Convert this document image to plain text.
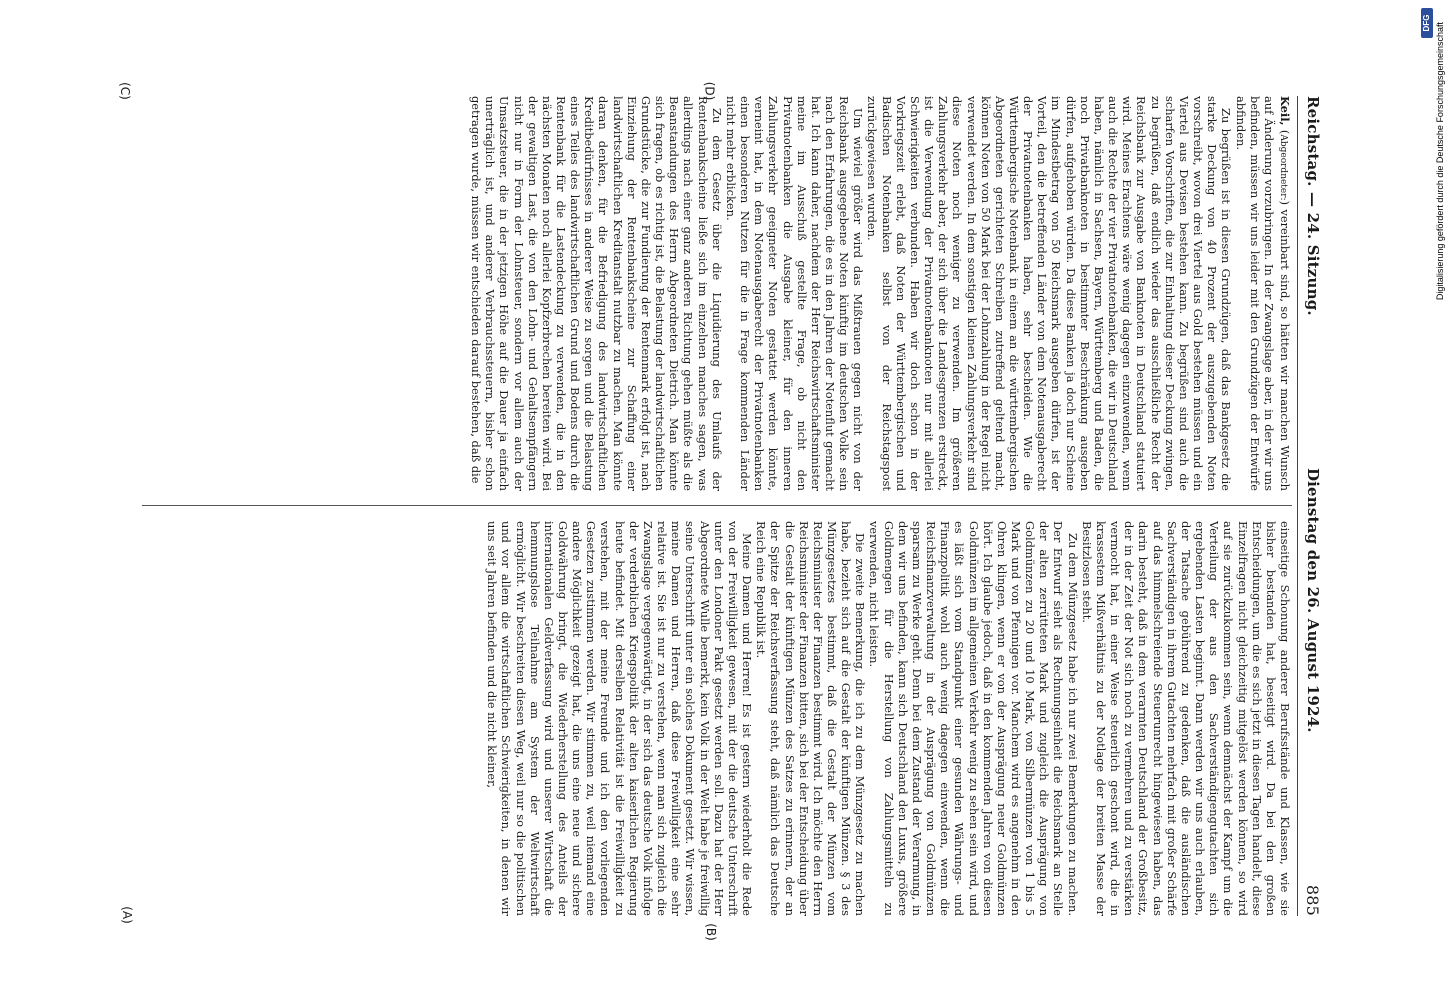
Reichstag. — 24. Sitzung.
Dienstag den 26. August 1924.
885

Keil, (Abgeordneter:) vereinbart sind, so hätten wir manchen Wunsch auf Änderung vorzubringen. In der Zwangslage aber, in der wir uns befinden, müssen wir uns leider mit den Grundzügen der Entwürfe abfinden.

Zu begrüßen ist in diesen Grundzügen, daß das Bankgesetz die starke Deckung von 40 Prozent der auszugebenden Noten vorschreibt, wovon drei Viertel aus Gold bestehen müssen und ein Viertel aus Devisen bestehen kann. Zu begrüßen sind auch die scharfen Vorschriften, die zur Einhaltung dieser Deckung zwingen, zu begrüßen, daß endlich wieder das ausschließliche Recht der Reichsbank zur Ausgabe von Banknoten in Deutschland statuiert wird. Meines Erachtens wäre wenig dagegen einzuwenden, wenn auch die Rechte der vier Privatnotenbanken, die wir in Deutschland haben, nämlich in Sachsen, Bayern, Württemberg und Baden, die noch Privatbanknoten in bestimmter Beschränkung ausgeben dürfen, aufgehoben würden. Da diese Banken ja doch nur Scheine im Mindestbetrag von 50 Reichsmark ausgeben dürfen, ist der Vorteil, den die betreffenden Länder von dem Notenausgaberecht der Privatnotenbanken haben, sehr bescheiden. Wie die Württembergische Notenbank in einem an die württembergischen Abgeordneten gerichteten Schreiben zutreffend geltend macht, können Noten von 50 Mark bei der Lohnzahlung in der Regel nicht verwendet werden. In dem sonstigen kleinen Zahlungsverkehr sind diese Noten noch weniger zu verwenden. Im größeren Zahlungsverkehr aber, der sich über die Landesgrenzen erstreckt, ist die Verwendung der Privatnotenbanknoten nur mit allerlei Schwierigkeiten verbunden. Haben wir doch schon in der Vorkriegszeit erlebt, daß Noten der Württembergischen und Badischen Notenbanken selbst von der Reichstagspost zurückgewiesen wurden.

Um wieviel größer wird das Mißtrauen gegen nicht von der Reichsbank ausgegebene Noten künftig im deutschen Volke sein nach den Erfahrungen, die es in den Jahren der Notenflut gemacht hat. Ich kann daher, nachdem der Herr Reichswirtschaftsminister meine im Ausschuß gestellte Frage, ob nicht den Privatnotenbanken die Ausgabe kleiner, für den inneren Zahlungsverkehr geeigneter Noten gestattet werden könnte, verneint hat, in dem Notenausgaberecht der Privatnotenbanken einen besonderen Nutzen für die in Frage kommenden Länder nicht mehr erblicken.

Zu dem Gesetz über die Liquidierung des Umlaufs der Rentenbankscheine ließe sich im einzelnen manches sagen, was allerdings nach einer ganz anderen Richtung gehen müßte als die Beanstandungen des Herrn Abgeordneten Dietrich. Man könnte sich fragen, ob es richtig ist, die Belastung der landwirtschaftlichen Grundstücke, die zur Fundierung der Rentenmark erfolgt ist, nach Einziehung der Rentenbankscheine zur Schaffung einer landwirtschaftlichen Kreditanstalt nutzbar zu machen. Man könnte daran denken, für die Befriedigung des landwirtschaftlichen Kreditbedürfnisses in anderer Weise zu sorgen und die Belastung eines Teiles des landwirtschaftlichen Grund und Bodens durch die Rentenbank für die Lastendeckung zu verwenden, die in den nächsten Monaten noch allerlei Kopfzerbrechen bereiten wird. Bei der gewaltigen Last, die von den Lohn- und Gehaltsempfängern nicht nur in Form der Lohnsteuer, sondern vor allem auch der Umsatzsteuer, die in der jetzigen Höhe auf die Dauer ja einfach unerträglich ist, und anderer Verbrauchssteuern, bisher schon getragen wurde, müssen wir entschieden darauf bestehen, daß die

einseitige Schonung anderer Berufsstände und Klassen, wie sie bisher bestanden hat, beseitigt wird. Da bei den großen Entscheidungen, um die es sich jetzt in diesen Tagen handelt, diese Einzelfragen nicht gleichzeitig mitgelöst werden können, so wird auf sie zurückzukommen sein, wenn demnächst der Kampf um die Verteilung der aus den Sachverständigengutachten sich ergebenden Lasten beginnt. Dann werden wir uns auch erlauben, der Tatsache gebührend zu gedenken, daß die ausländischen Sachverständigen in ihrem Gutachten mehrfach mit großer Schärfe auf das himmelschreiende Steuerunrecht hingewiesen haben, das darin besteht, daß in dem verarmten Deutschland der Großbesitz, der in der Zeit der Not sich noch zu vermehren und zu verstärken vermocht hat, in einer Weise steuerlich geschont wird, die in krassestem Mißverhältnis zu der Notlage der breiten Masse der Besitzlosen steht.

Zu dem Münzgesetz habe ich nur zwei Bemerkungen zu machen. Der Entwurf sieht als Rechnungseinheit die Reichsmark an Stelle der alten zerrütteten Mark und zugleich die Ausprägung von Goldmünzen zu 20 und 10 Mark, von Silbermünzen von 1 bis 5 Mark und von Pfennigen vor. Manchem wird es angenehm in den Ohren klingen, wenn er von der Ausprägung neuer Goldmünzen hört. Ich glaube jedoch, daß in den kommenden Jahren von diesen Goldmünzen im allgemeinen Verkehr wenig zu sehen sein wird, und es läßt sich vom Standpunkt einer gesunden Währungs- und Finanzpolitik wohl auch wenig dagegen einwenden, wenn die Reichsfinanzverwaltung in der Ausprägung von Goldmünzen sparsam zu Werke geht. Denn bei dem Zustand der Verarmung, in dem wir uns befinden, kann sich Deutschland den Luxus, größere Goldmengen für die Herstellung von Zahlungsmitteln zu verwenden, nicht leisten.

Die zweite Bemerkung, die ich zu dem Münzgesetz zu machen habe, bezieht sich auf die Gestalt der künftigen Münzen. § 3 des Münzgesetzes bestimmt, daß die Gestalt der Münzen vom Reichsminister der Finanzen bestimmt wird. Ich möchte den Herrn Reichsminister der Finanzen bitten, sich bei der Entscheidung über die Gestalt der künftigen Münzen des Satzes zu erinnern, der an der Spitze der Reichsverfassung steht, daß nämlich das Deutsche Reich eine Republik ist.

Meine Damen und Herren! Es ist gestern wiederholt die Rede von der Freiwilligkeit gewesen, mit der die deutsche Unterschrift unter den Londoner Pakt gesetzt werden soll. Dazu hat der Herr Abgeordnete Wulle bemerkt, kein Volk in der Welt habe je freiwillig seine Unterschrift unter ein solches Dokument gesetzt. Wir wissen, meine Damen und Herren, daß diese Freiwilligkeit eine sehr relative ist. Sie ist nur zu verstehen, wenn man sich zugleich die Zwangslage vergegenwärtigt, in der sich das deutsche Volk infolge der verderblichen Kriegspolitik der alten kaiserlichen Regierung heute befindet. Mit derselben Relativität ist die Freiwilligkeit zu verstehen, mit der meine Freunde und ich den vorliegenden Gesetzen zustimmen werden. Wir stimmen zu, weil niemand eine andere Möglichkeit gezeigt hat, die uns eine neue und sichere Goldwährung bringt, die Wiederherstellung des Anteils der internationalen Geldverfassung wird und unserer Wirtschaft die hemmungslose Teilnahme am System der Weltwirtschaft ermöglicht. Wir beschreiten diesen Weg, weil nur so die politischen und vor allem die wirtschaftlichen Schwierigkeiten, in denen wir uns seit Jahren befinden und die nicht kleiner,

(A)
(B)
(C)	(D)
DFG Digitalisierung gefördert durch die Deutsche Forschungsgemeinschaft
